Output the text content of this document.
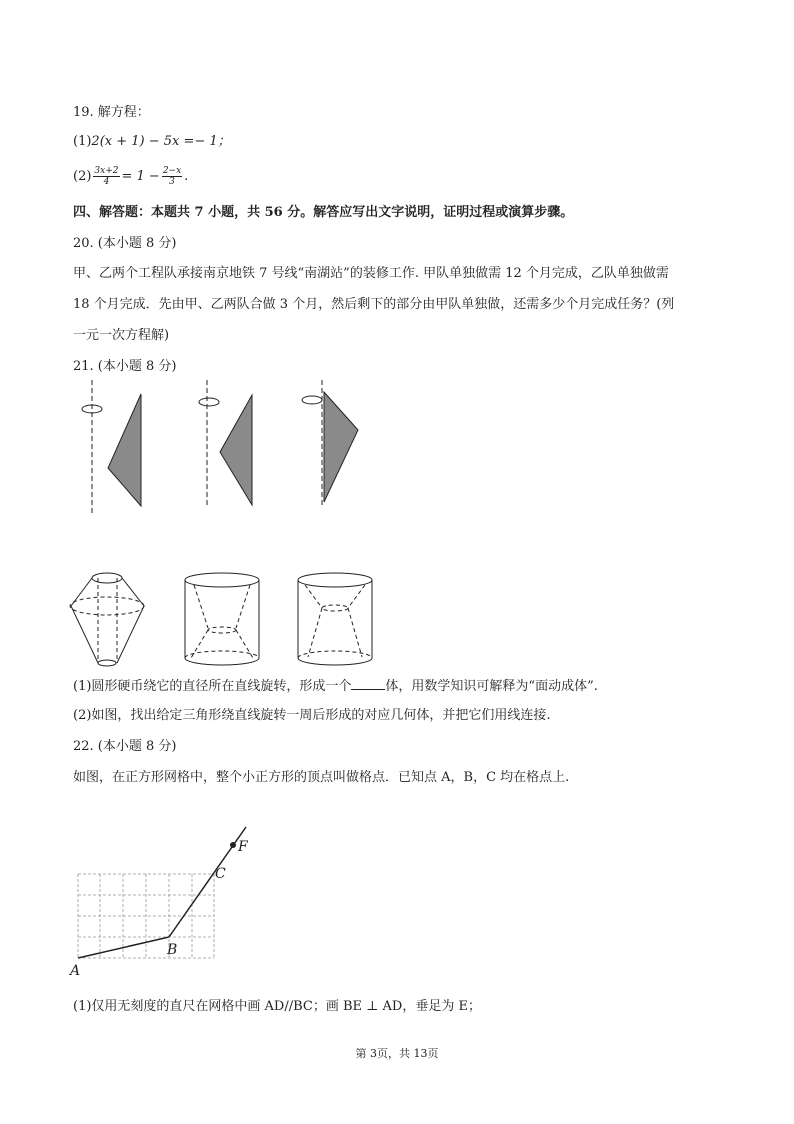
19. 解方程：
(1)2(x + 1) − 5x =− 1；
$(2) \frac{3x+2}{4} = 1 - \frac{2-x}{3}$ .
四、解答题：本题共 7 小题，共 56 分。解答应写出文字说明，证明过程或演算步骤。
20. (本小题 8 分)
甲、乙两个工程队承接南京地铁 7 号线“南湖站”的装修工作. 甲队单独做需 12 个月完成，乙队单独做需
18 个月完成．先由甲、乙两队合做 3 个月，然后剩下的部分由甲队单独做，还需多少个月完成任务？(列
一元一次方程解)
21. (本小题 8 分)
(1)圆形硬币绕它的直径所在直线旋转，形成一个	体，用数学知识可解释为“面动成体”.
(2)如图，找出给定三角形绕直线旋转一周后形成的对应几何体，并把它们用线连接.
22. (本小题 8 分)
如图，在正方形网格中，整个小正方形的顶点叫做格点．已知点 A，B，C 均在格点上.
A
B
C
F
(1)仅用无刻度的直尺在网格中画 AD//BC；画 BE ⊥ AD，垂足为 E；
第 3页，共 13页
